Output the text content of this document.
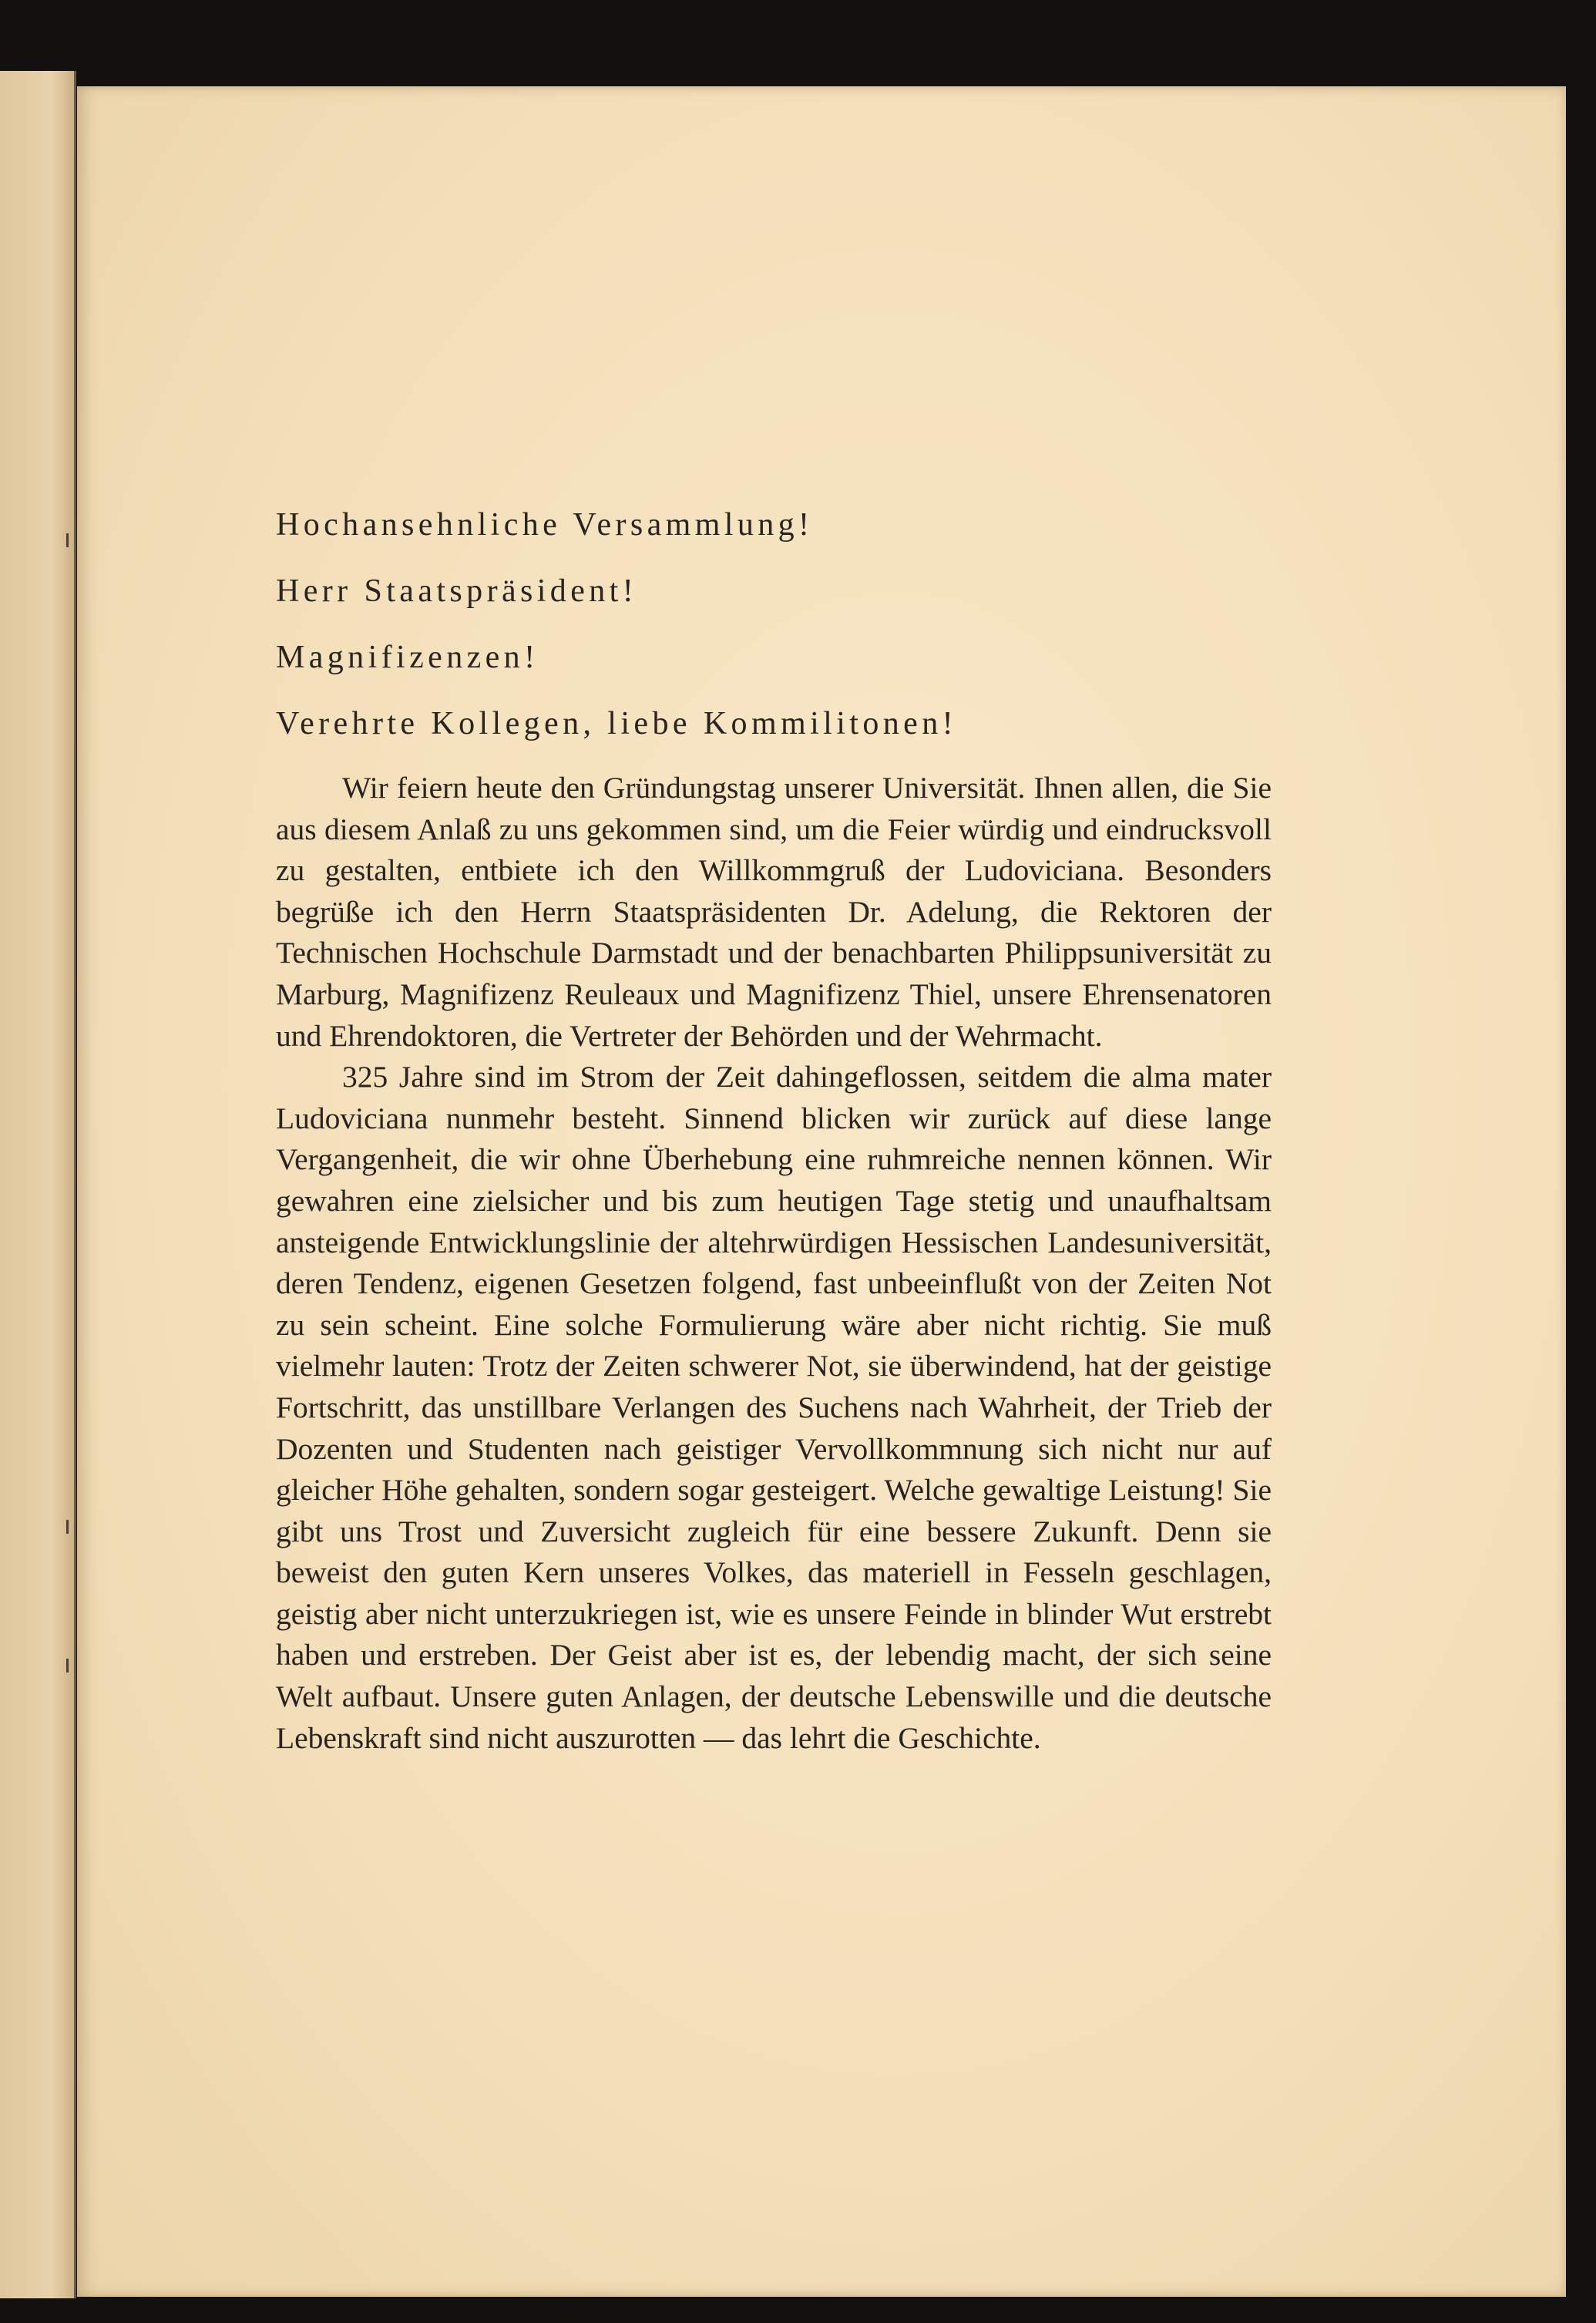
Hochansehnliche Versammlung!

Herr Staatspräsident!

Magnifizenzen!

Verehrte Kollegen, liebe Kommilitonen!

Wir feiern heute den Gründungstag unserer Universität. Ihnen allen, die Sie aus diesem Anlaß zu uns gekommen sind, um die Feier würdig und eindrucksvoll zu gestalten, entbiete ich den Willkommgruß der Ludoviciana. Besonders begrüße ich den Herrn Staatspräsidenten Dr. Adelung, die Rektoren der Technischen Hochschule Darmstadt und der benachbarten Philippsuniversität zu Marburg, Magnifizenz Reuleaux und Magnifizenz Thiel, unsere Ehrensenatoren und Ehrendoktoren, die Vertreter der Behörden und der Wehrmacht.

325 Jahre sind im Strom der Zeit dahingeflossen, seitdem die alma mater Ludoviciana nunmehr besteht. Sinnend blicken wir zurück auf diese lange Vergangenheit, die wir ohne Überhebung eine ruhmreiche nennen können. Wir gewahren eine zielsicher und bis zum heutigen Tage stetig und unaufhaltsam ansteigende Entwicklungslinie der altehrwürdigen Hessischen Landesuniversität, deren Tendenz, eigenen Gesetzen folgend, fast unbeeinflußt von der Zeiten Not zu sein scheint. Eine solche Formulierung wäre aber nicht richtig. Sie muß vielmehr lauten: Trotz der Zeiten schwerer Not, sie überwindend, hat der geistige Fortschritt, das unstillbare Verlangen des Suchens nach Wahrheit, der Trieb der Dozenten und Studenten nach geistiger Vervollkommnung sich nicht nur auf gleicher Höhe gehalten, sondern sogar gesteigert. Welche gewaltige Leistung! Sie gibt uns Trost und Zuversicht zugleich für eine bessere Zukunft. Denn sie beweist den guten Kern unseres Volkes, das materiell in Fesseln geschlagen, geistig aber nicht unterzukriegen ist, wie es unsere Feinde in blinder Wut erstrebt haben und erstreben. Der Geist aber ist es, der lebendig macht, der sich seine Welt aufbaut. Unsere guten Anlagen, der deutsche Lebenswille und die deutsche Lebenskraft sind nicht auszurotten — das lehrt die Geschichte.
